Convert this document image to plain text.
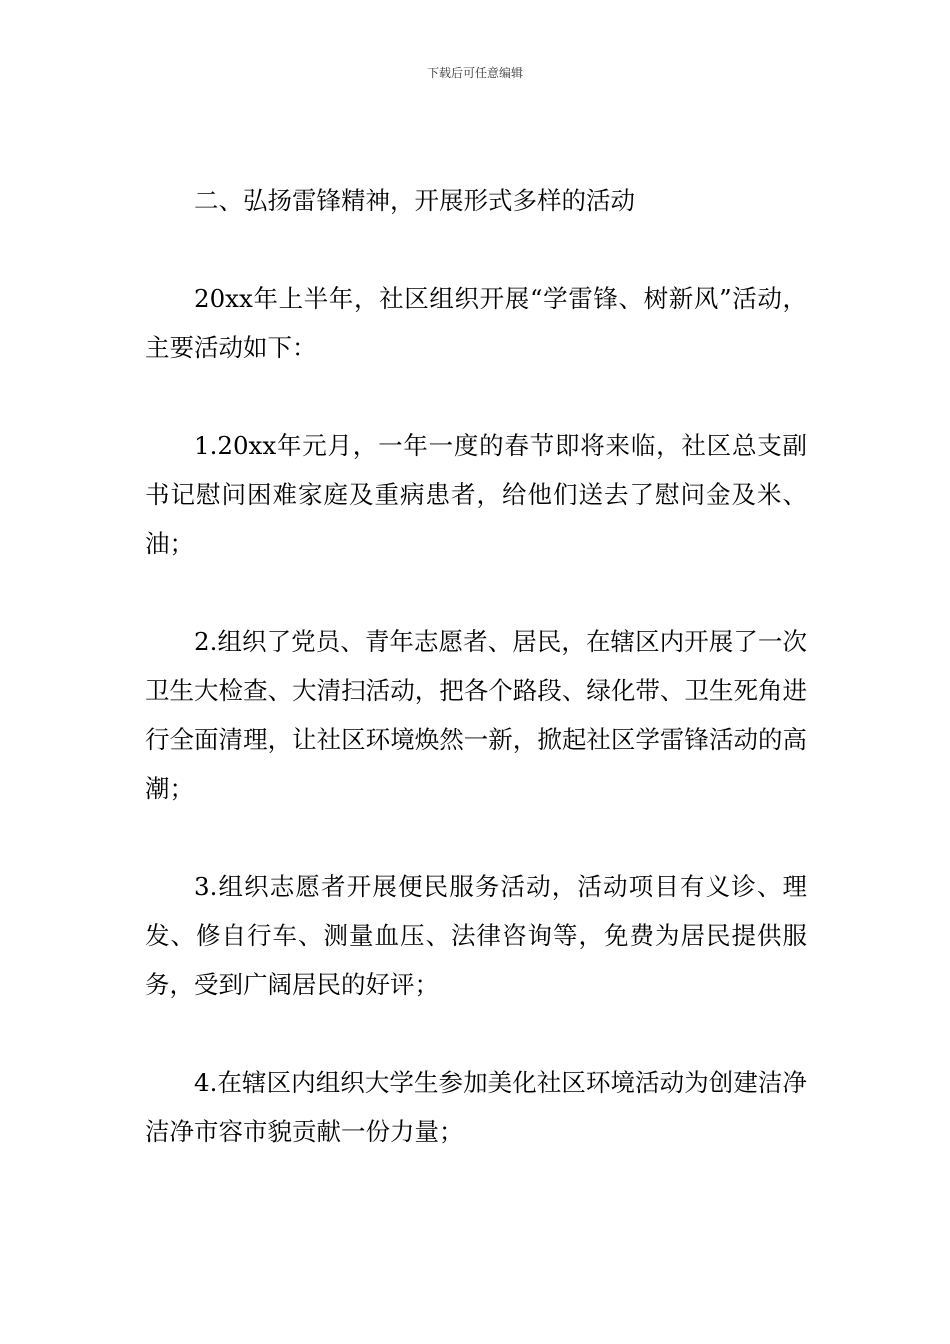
下载后可任意编辑

二、弘扬雷锋精神，开展形式多样的活动

20xx年上半年，社区组织开展“学雷锋、树新风”活动，主要活动如下：

1.20xx年元月，一年一度的春节即将来临，社区总支副书记慰问困难家庭及重病患者，给他们送去了慰问金及米、油；

2.组织了党员、青年志愿者、居民，在辖区内开展了一次卫生大检查、大清扫活动，把各个路段、绿化带、卫生死角进行全面清理，让社区环境焕然一新，掀起社区学雷锋活动的高潮；

3.组织志愿者开展便民服务活动，活动项目有义诊、理发、修自行车、测量血压、法律咨询等，免费为居民提供服务，受到广阔居民的好评；

4.在辖区内组织大学生参加美化社区环境活动为创建洁净洁净市容市貌贡献一份力量；
